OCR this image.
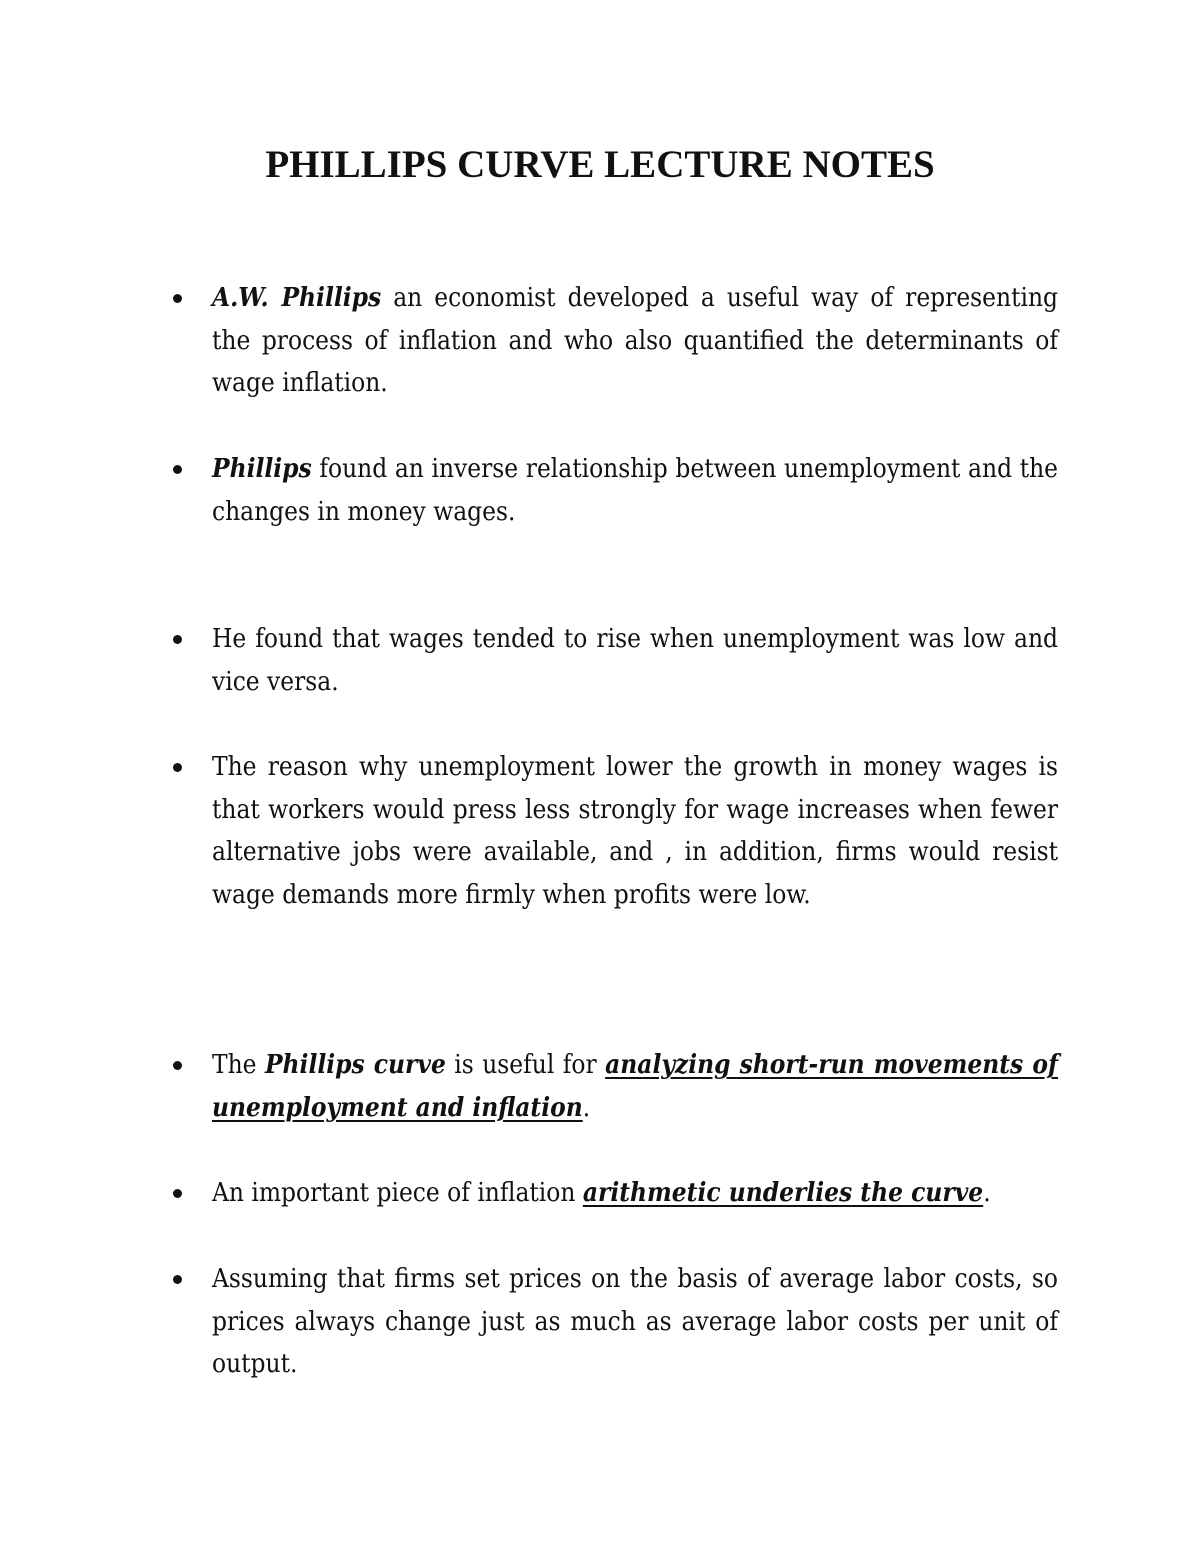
PHILLIPS CURVE LECTURE NOTES
A.W. Phillips an economist developed a useful way of representing the process of inflation and who also quantified the determinants of wage inflation.
Phillips found an inverse relationship between unemployment and the changes in money wages.
He found that wages tended to rise when unemployment was low and vice versa.
The reason why unemployment lower the growth in money wages is that workers would press less strongly for wage increases when fewer alternative jobs were available, and , in addition, firms would resist wage demands more firmly when profits were low.
The Phillips curve is useful for analyzing short-run movements of unemployment and inflation.
An important piece of inflation arithmetic underlies the curve.
Assuming that firms set prices on the basis of average labor costs, so prices always change just as much as average labor costs per unit of output.
